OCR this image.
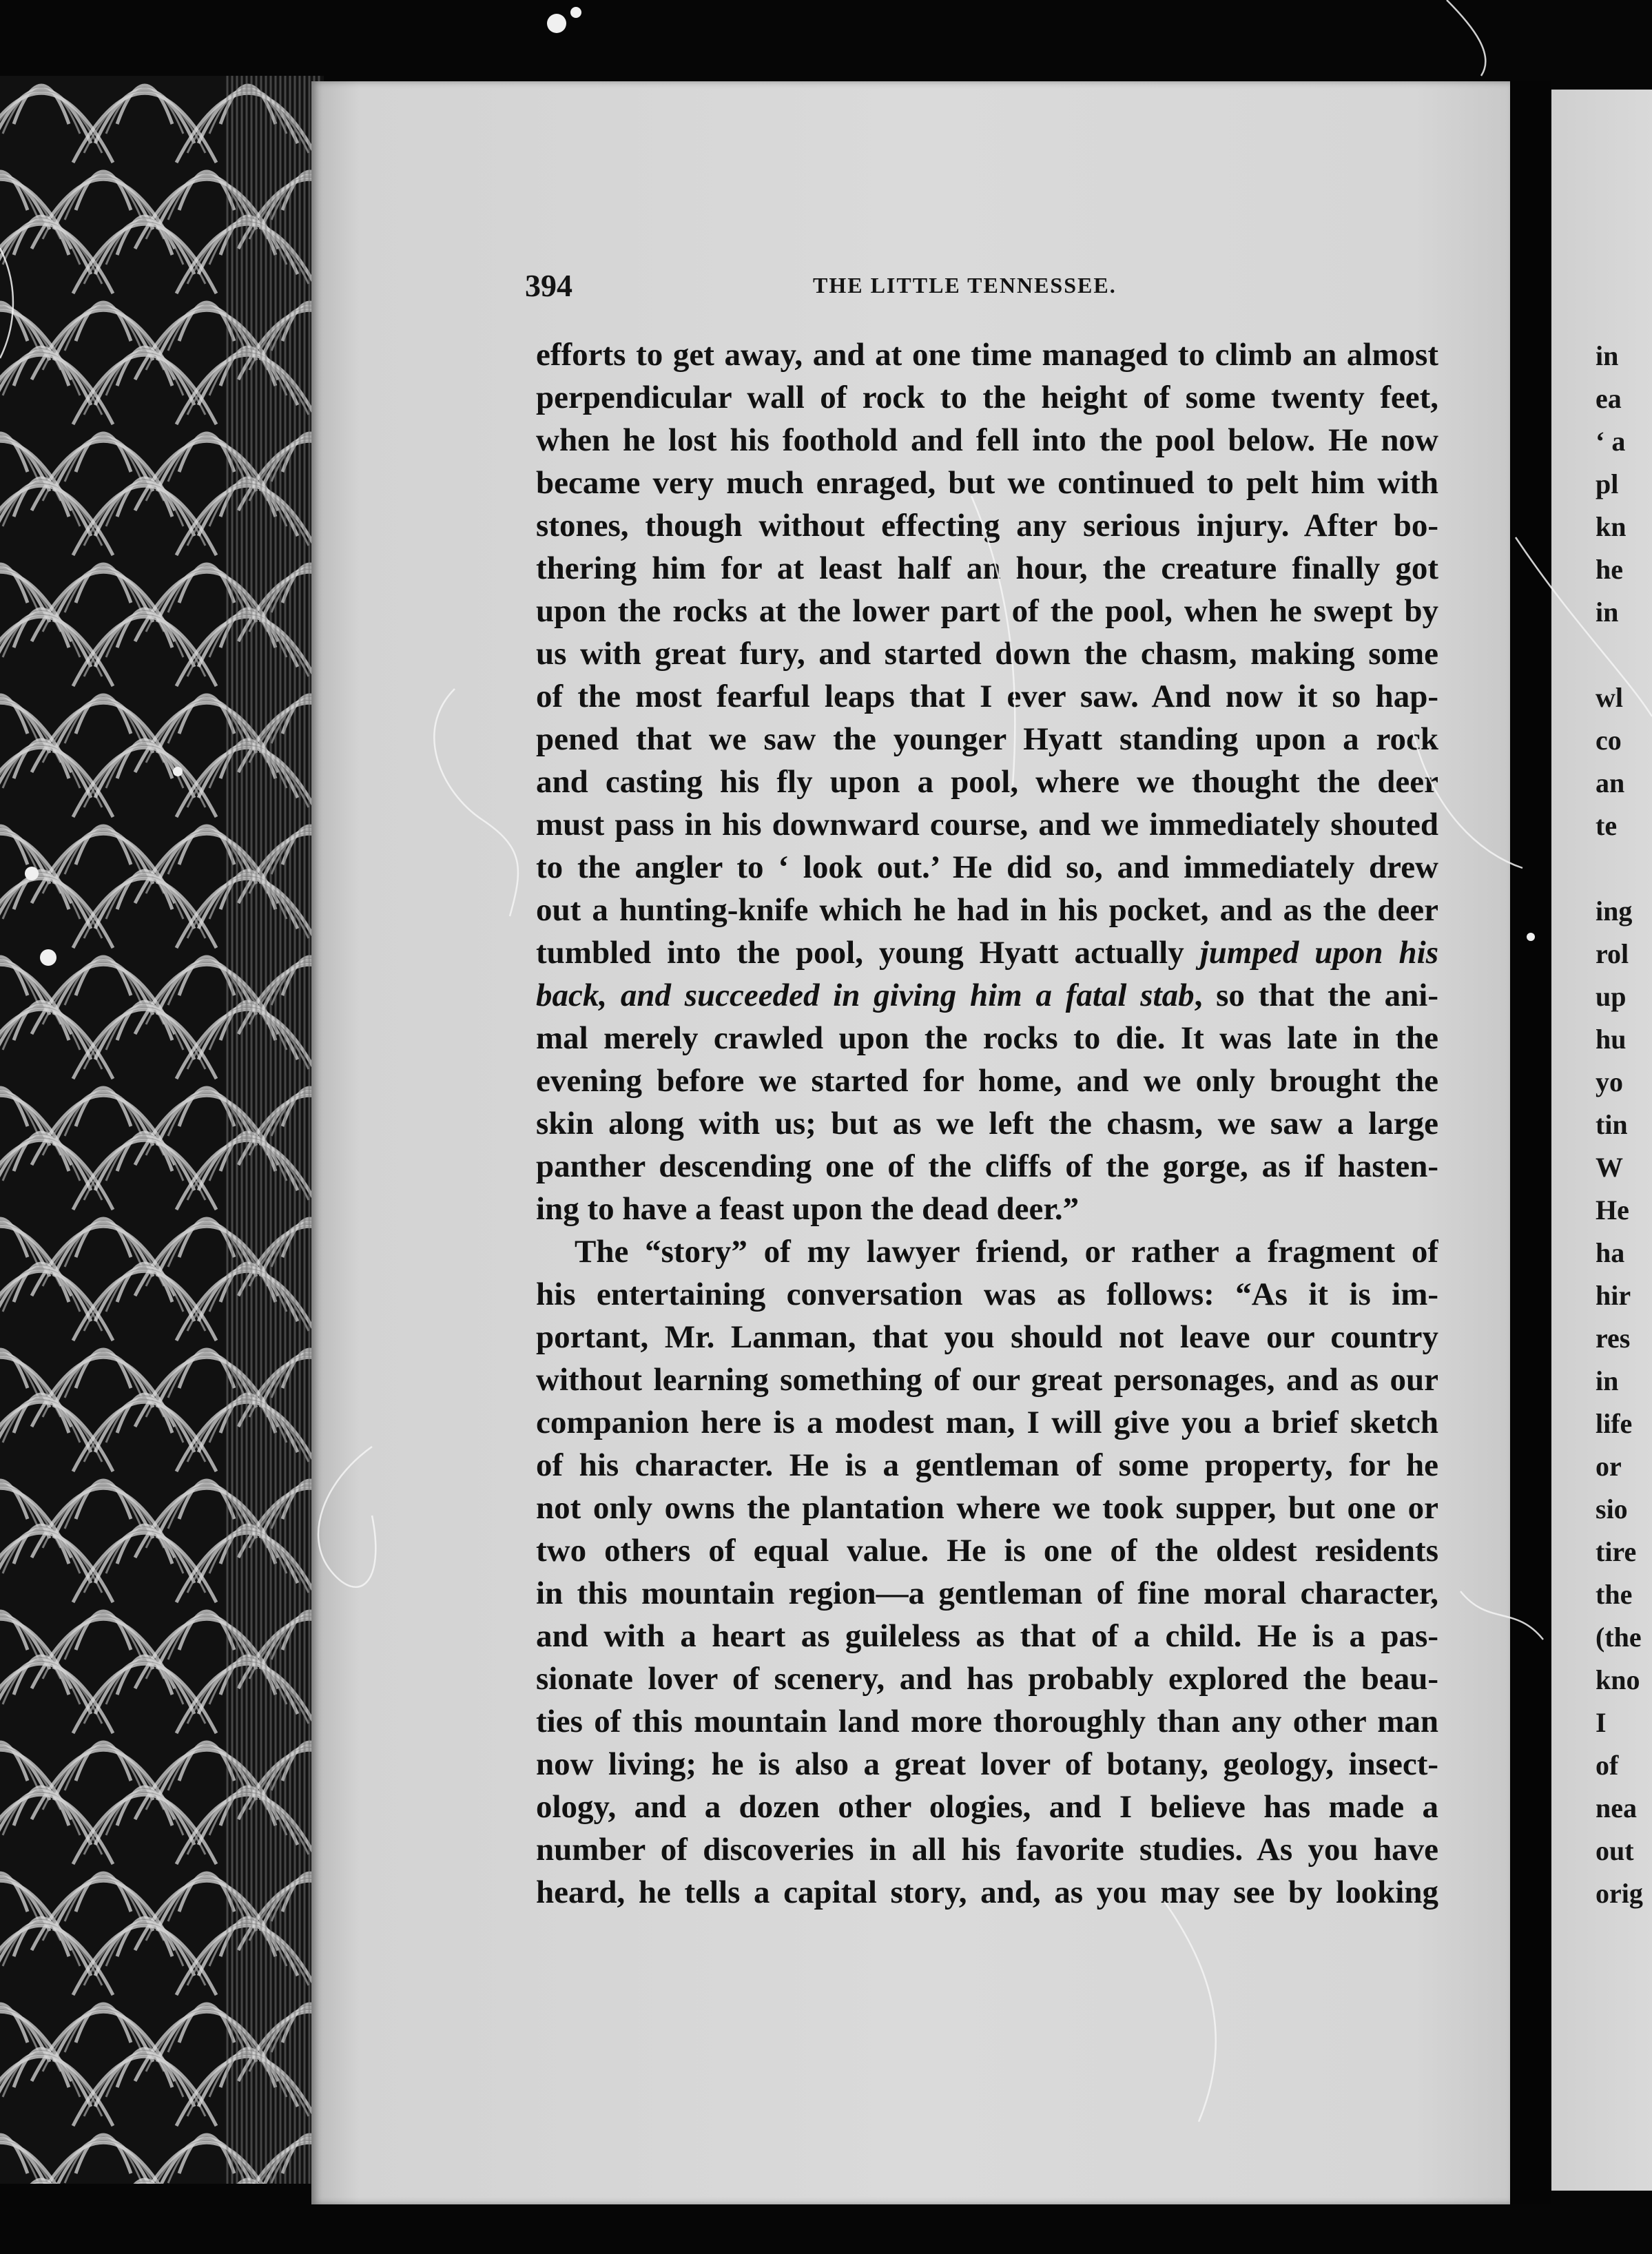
in
ea
‘ a
pl
kn
he
in
wl
co
an
te
ing
rol
up
hu
yo
tin
W
He
ha
hir
res
in
life
or
sio
tire
the
(the
kno
I
of
nea
out
orig
394	THE LITTLE TENNESSEE.
efforts to get away, and at one time managed to climb an almost
perpendicular wall of rock to the height of some twenty feet,
when he lost his foothold and fell into the pool below. He now
became very much enraged, but we continued to pelt him with
stones, though without effecting any serious injury. After bo-
thering him for at least half an hour, the creature finally got
upon the rocks at the lower part of the pool, when he swept by
us with great fury, and started down the chasm, making some
of the most fearful leaps that I ever saw. And now it so hap-
pened that we saw the younger Hyatt standing upon a rock
and casting his fly upon a pool, where we thought the deer
must pass in his downward course, and we immediately shouted
to the angler to ‘ look out.’ He did so, and immediately drew
out a hunting-knife which he had in his pocket, and as the deer
tumbled into the pool, young Hyatt actually jumped upon his
back, and succeeded in giving him a fatal stab, so that the ani-
mal merely crawled upon the rocks to die. It was late in the
evening before we started for home, and we only brought the
skin along with us; but as we left the chasm, we saw a large
panther descending one of the cliffs of the gorge, as if hasten-
ing to have a feast upon the dead deer.”
The “story” of my lawyer friend, or rather a fragment of
his entertaining conversation was as follows: “As it is im-
portant, Mr. Lanman, that you should not leave our country
without learning something of our great personages, and as our
companion here is a modest man, I will give you a brief sketch
of his character. He is a gentleman of some property, for he
not only owns the plantation where we took supper, but one or
two others of equal value. He is one of the oldest residents
in this mountain region—a gentleman of fine moral character,
and with a heart as guileless as that of a child. He is a pas-
sionate lover of scenery, and has probably explored the beau-
ties of this mountain land more thoroughly than any other man
now living; he is also a great lover of botany, geology, insect-
ology, and a dozen other ologies, and I believe has made a
number of discoveries in all his favorite studies. As you have
heard, he tells a capital story, and, as you may see by looking
